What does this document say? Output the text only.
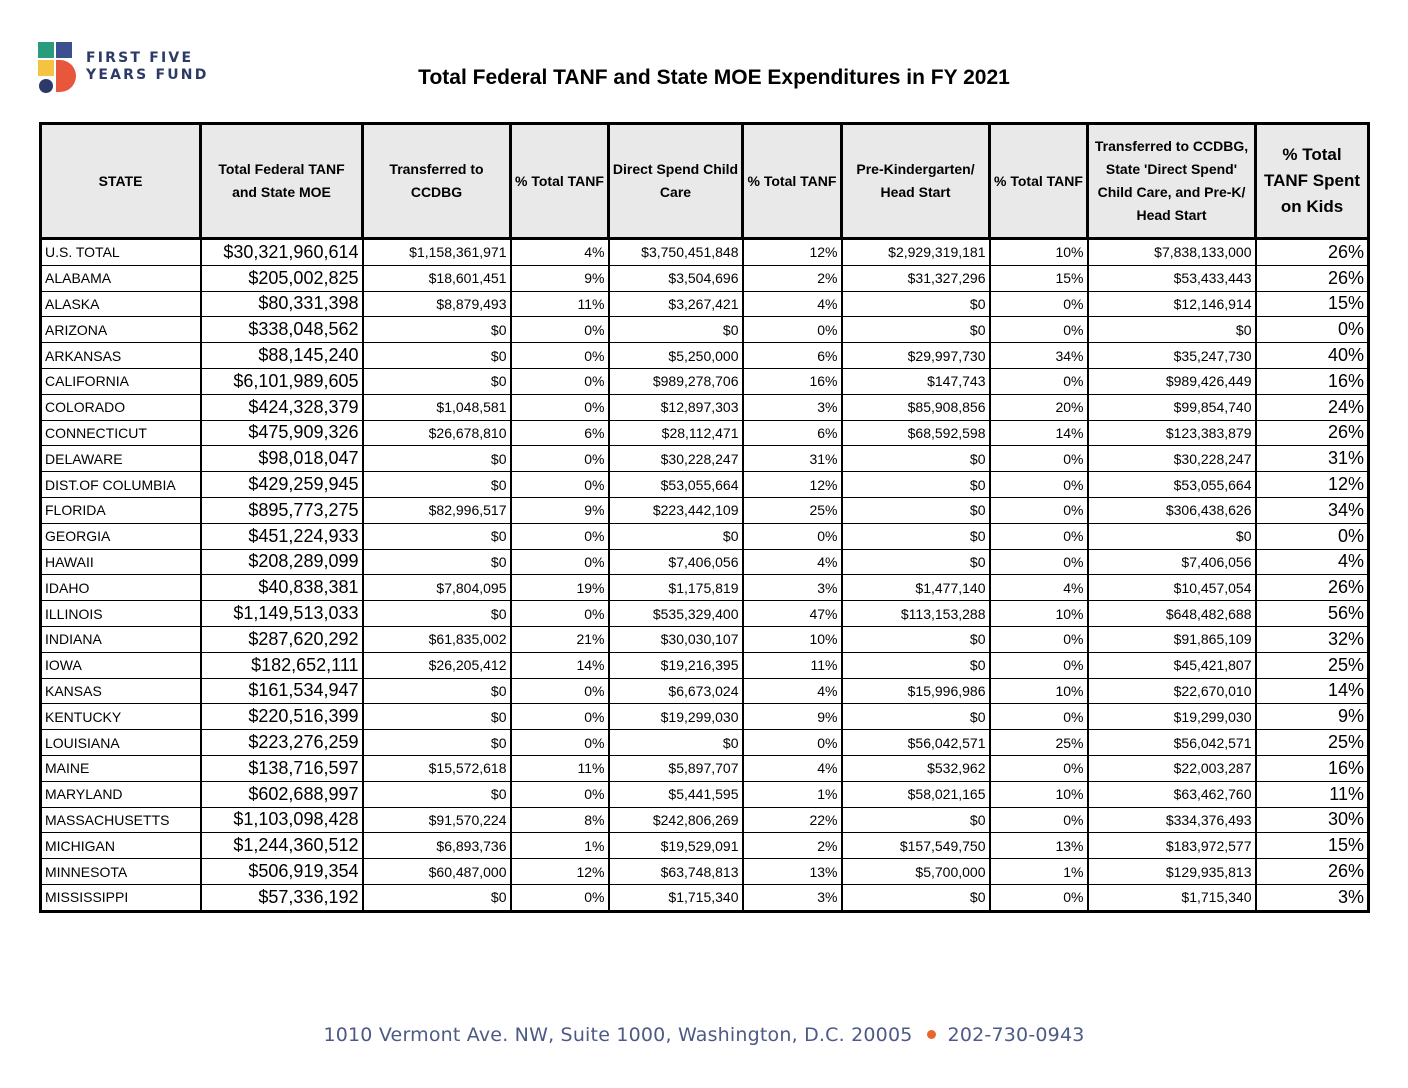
FIRST FIVE
YEARS FUND	Total Federal TANF and State MOE Expenditures in FY 2021
STATE	Total Federal TANF and State MOE	Transferred to CCDBG	% Total TANF	Direct Spend Child Care	% Total TANF	Pre-Kindergarten/ Head Start	% Total TANF	Transferred to CCDBG, State 'Direct Spend' Child Care, and Pre-K/ Head Start	% Total TANF Spent on Kids
U.S. TOTAL	$30,321,960,614	$1,158,361,971	4%	$3,750,451,848	12%	$2,929,319,181	10%	$7,838,133,000	26%
ALABAMA	$205,002,825	$18,601,451	9%	$3,504,696	2%	$31,327,296	15%	$53,433,443	26%
ALASKA	$80,331,398	$8,879,493	11%	$3,267,421	4%	$0	0%	$12,146,914	15%
ARIZONA	$338,048,562	$0	0%	$0	0%	$0	0%	$0	0%
ARKANSAS	$88,145,240	$0	0%	$5,250,000	6%	$29,997,730	34%	$35,247,730	40%
CALIFORNIA	$6,101,989,605	$0	0%	$989,278,706	16%	$147,743	0%	$989,426,449	16%
COLORADO	$424,328,379	$1,048,581	0%	$12,897,303	3%	$85,908,856	20%	$99,854,740	24%
CONNECTICUT	$475,909,326	$26,678,810	6%	$28,112,471	6%	$68,592,598	14%	$123,383,879	26%
DELAWARE	$98,018,047	$0	0%	$30,228,247	31%	$0	0%	$30,228,247	31%
DIST.OF COLUMBIA	$429,259,945	$0	0%	$53,055,664	12%	$0	0%	$53,055,664	12%
FLORIDA	$895,773,275	$82,996,517	9%	$223,442,109	25%	$0	0%	$306,438,626	34%
GEORGIA	$451,224,933	$0	0%	$0	0%	$0	0%	$0	0%
HAWAII	$208,289,099	$0	0%	$7,406,056	4%	$0	0%	$7,406,056	4%
IDAHO	$40,838,381	$7,804,095	19%	$1,175,819	3%	$1,477,140	4%	$10,457,054	26%
ILLINOIS	$1,149,513,033	$0	0%	$535,329,400	47%	$113,153,288	10%	$648,482,688	56%
INDIANA	$287,620,292	$61,835,002	21%	$30,030,107	10%	$0	0%	$91,865,109	32%
IOWA	$182,652,111	$26,205,412	14%	$19,216,395	11%	$0	0%	$45,421,807	25%
KANSAS	$161,534,947	$0	0%	$6,673,024	4%	$15,996,986	10%	$22,670,010	14%
KENTUCKY	$220,516,399	$0	0%	$19,299,030	9%	$0	0%	$19,299,030	9%
LOUISIANA	$223,276,259	$0	0%	$0	0%	$56,042,571	25%	$56,042,571	25%
MAINE	$138,716,597	$15,572,618	11%	$5,897,707	4%	$532,962	0%	$22,003,287	16%
MARYLAND	$602,688,997	$0	0%	$5,441,595	1%	$58,021,165	10%	$63,462,760	11%
MASSACHUSETTS	$1,103,098,428	$91,570,224	8%	$242,806,269	22%	$0	0%	$334,376,493	30%
MICHIGAN	$1,244,360,512	$6,893,736	1%	$19,529,091	2%	$157,549,750	13%	$183,972,577	15%
MINNESOTA	$506,919,354	$60,487,000	12%	$63,748,813	13%	$5,700,000	1%	$129,935,813	26%
MISSISSIPPI	$57,336,192	$0	0%	$1,715,340	3%	$0	0%	$1,715,340	3%
1010 Vermont Ave. NW, Suite 1000, Washington, D.C. 20005 202-730-0943
